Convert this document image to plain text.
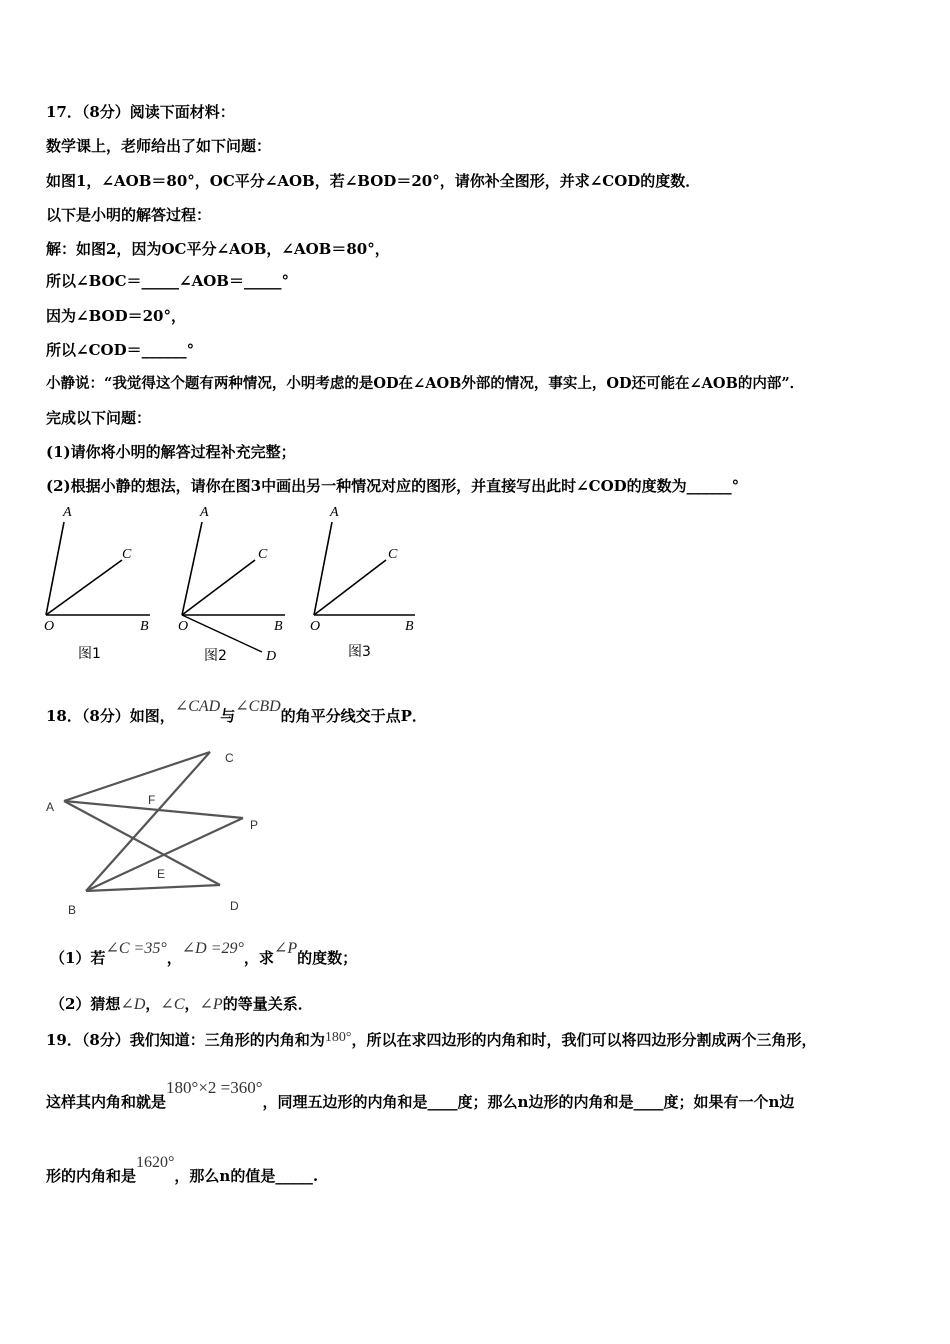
17．（8分）阅读下面材料：
数学课上，老师给出了如下问题：
如图1，∠AOB＝80°，OC平分∠AOB，若∠BOD＝20°，请你补全图形，并求∠COD的度数．
以下是小明的解答过程：
解：如图2，因为OC平分∠AOB，∠AOB＝80°，
所以∠BOC＝_____∠AOB＝_____°
因为∠BOD＝20°，
所以∠COD＝______°
小静说：“我觉得这个题有两种情况，小明考虑的是OD在∠AOB外部的情况，事实上，OD还可能在∠AOB的内部”．
完成以下问题：
(1)请你将小明的解答过程补充完整；
(2)根据小静的想法，请你在图3中画出另一种情况对应的图形，并直接写出此时∠COD的度数为______°
A
C
O	B
图1
A
C
O	B
D
图2
A
C
O	B
图3
18．（8分）如图，∠CAD与∠CBD的角平分线交于点P．
C
A	F
P
E
B	D
（1）若∠C =35°，∠D =29°，求∠P的度数；
（2）猜想∠D，∠C，∠P的等量关系．
19．（8分）我们知道：三角形的内角和为180°，所以在求四边形的内角和时，我们可以将四边形分割成两个三角形，
这样其内角和就是180°×2 =360°，同理五边形的内角和是____度；那么n边形的内角和是____度；如果有一个n边
形的内角和是1620°，那么n的值是_____.
